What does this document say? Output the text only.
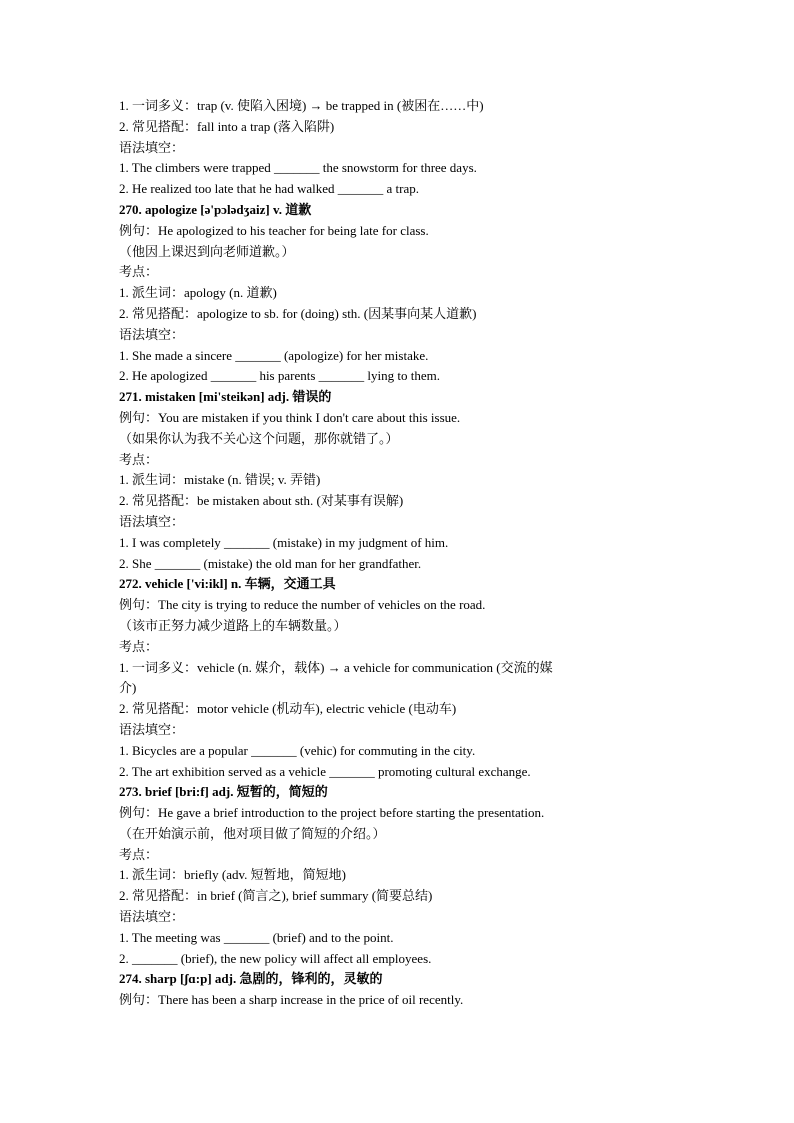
1. 一词多义：trap (v. 使陷入困境) → be trapped in (被困在……中)
2. 常见搭配：fall into a trap (落入陷阱)
语法填空：
1. The climbers were trapped _______ the snowstorm for three days.
2. He realized too late that he had walked _______ a trap.
270. apologize [ə'pɔlədʒaiz] v. 道歉
例句：He apologized to his teacher for being late for class.
（他因上课迟到向老师道歉。）
考点：
1. 派生词：apology (n. 道歉)
2. 常见搭配：apologize to sb. for (doing) sth. (因某事向某人道歉)
语法填空：
1. She made a sincere _______ (apologize) for her mistake.
2. He apologized _______ his parents _______ lying to them.
271. mistaken [mi'steikən] adj. 错误的
例句：You are mistaken if you think I don't care about this issue.
（如果你认为我不关心这个问题，那你就错了。）
考点：
1. 派生词：mistake (n. 错误; v. 弄错)
2. 常见搭配：be mistaken about sth. (对某事有误解)
语法填空：
1. I was completely _______ (mistake) in my judgment of him.
2. She _______ (mistake) the old man for her grandfather.
272. vehicle ['vi:ikl] n. 车辆，交通工具
例句：The city is trying to reduce the number of vehicles on the road.
（该市正努力减少道路上的车辆数量。）
考点：
1. 一词多义：vehicle (n. 媒介，载体) → a vehicle for communication (交流的媒
介)
2. 常见搭配：motor vehicle (机动车), electric vehicle (电动车)
语法填空：
1. Bicycles are a popular _______ (vehic) for commuting in the city.
2. The art exhibition served as a vehicle _______ promoting cultural exchange.
273. brief [bri:f] adj. 短暂的，简短的
例句：He gave a brief introduction to the project before starting the presentation.
（在开始演示前，他对项目做了简短的介绍。）
考点：
1. 派生词：briefly (adv. 短暂地，简短地)
2. 常见搭配：in brief (简言之), brief summary (简要总结)
语法填空：
1. The meeting was _______ (brief) and to the point.
2. _______ (brief), the new policy will affect all employees.
274. sharp [ʃɑ:p] adj. 急剧的，锋利的，灵敏的
例句：There has been a sharp increase in the price of oil recently.
